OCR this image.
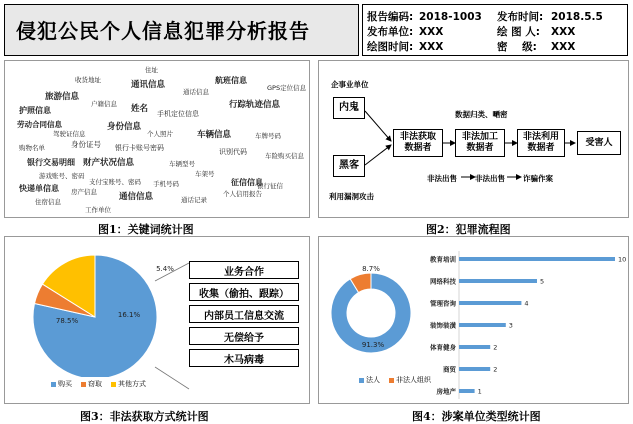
侵犯公民个人信息犯罪分析报告
报告编码: 2018-1003 发布时间: 2018.5.5
发布单位: XXX	绘 图 人: XXX
绘图时间: XXX	密    级: XXX
住址
收货地址	通讯信息	航班信息
GPS定位信息
通话信息
旅游信息
户籍信息 姓名	行踪轨迹信息
护照信息	手机定位信息
劳动合同信息	身份信息
驾驶证信息	个人照片	车牌号码
身份证号
购物名单
车辆信息
银行卡账号密码	识别代码	车险购买信息
银行交易明细 财产状况信息	车辆型号
游戏账号、密码	车架号
支付宝账号、密码 手机号码	征信信息
快递单信息 房产信息
银行征信
通信信息	个人信用报告
住宿信息	通话记录
工作单位
图1：关键词统计图
企事业单位
内鬼
黑客
利用漏洞攻击
数据归类、嗮密
非法获取
数据者
非法加工
数据者
非法利用
数据者
受害人
非法出售 非法出售 诈骗作案
图2：犯罪流程图
78.5%
5.4%
16.1%
业务合作
收集（偷拍、跟踪）
内部员工信息交流
无偿给予
木马病毒
购买 窃取 其他方式
图3：非法获取方式统计图
91.3%
8.7%
法人 非法人组织
教育培训	10
网络科技	5
管理咨询	4
装饰装潢	3
体育健身	2
商贸	2
房地产	1
图4：涉案单位类型统计图
